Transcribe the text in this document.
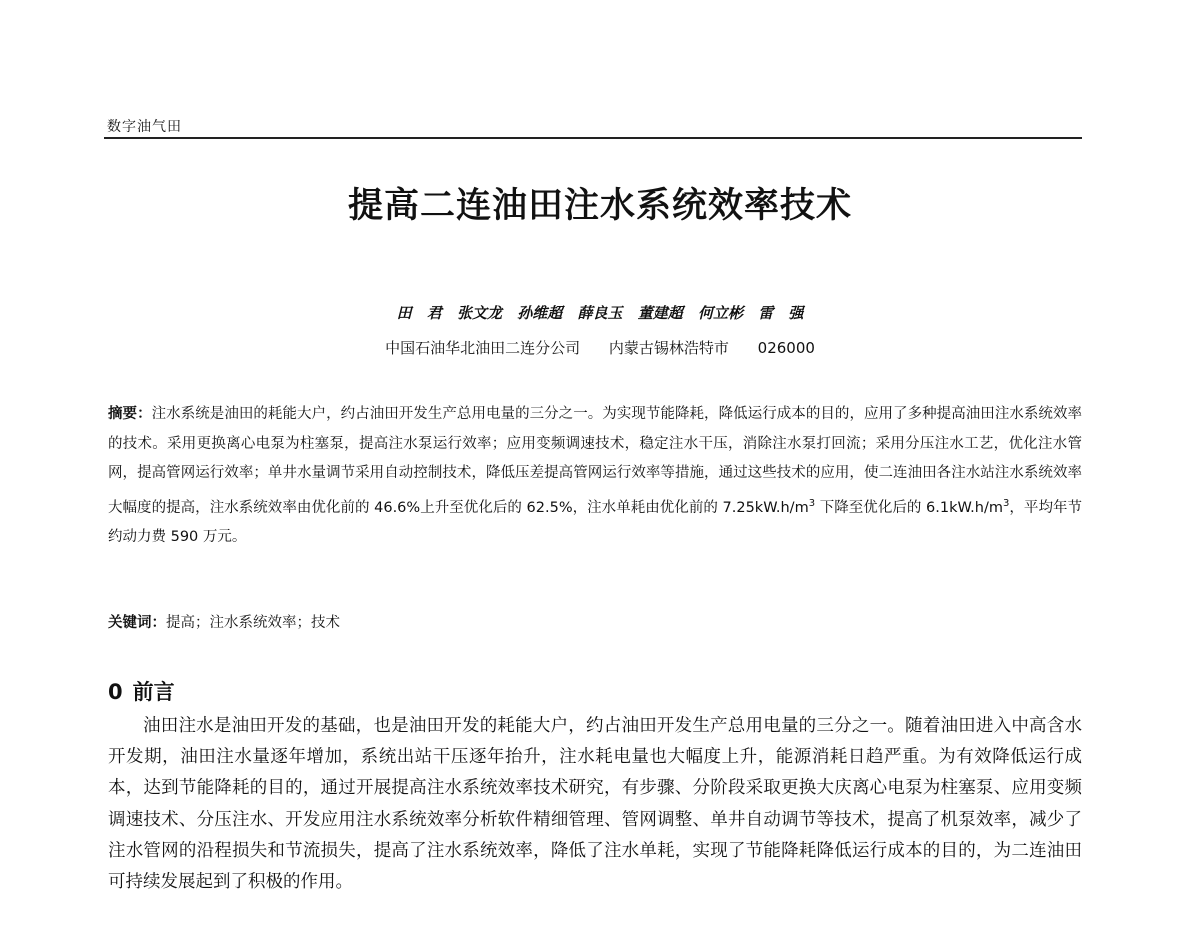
数字油气田
提高二连油田注水系统效率技术
田 君 张文龙 孙维超 薛良玉 董建超 何立彬 雷 强
中国石油华北油田二连分公司 内蒙古锡林浩特市 026000

摘要：注水系统是油田的耗能大户，约占油田开发生产总用电量的三分之一。为实现节能降耗，降低运行成本的目的，应用了多种提高油田注水系统效率的技术。采用更换离心电泵为柱塞泵，提高注水泵运行效率；应用变频调速技术，稳定注水干压，消除注水泵打回流；采用分压注水工艺，优化注水管网，提高管网运行效率；单井水量调节采用自动控制技术，降低压差提高管网运行效率等措施，通过这些技术的应用，使二连油田各注水站注水系统效率大幅度的提高，注水系统效率由优化前的 46.6%上升至优化后的 62.5%，注水单耗由优化前的 $7.25kW.h/m^3$ 下降至优化后的 $6.1kW.h/m^3$，平均年节约动力费 590 万元。

关键词：提高；注水系统效率；技术

0 前言

油田注水是油田开发的基础，也是油田开发的耗能大户，约占油田开发生产总用电量的三分之一。随着油田进入中高含水开发期，油田注水量逐年增加，系统出站干压逐年抬升，注水耗电量也大幅度上升，能源消耗日趋严重。为有效降低运行成本，达到节能降耗的目的，通过开展提高注水系统效率技术研究，有步骤、分阶段采取更换大庆离心电泵为柱塞泵、应用变频调速技术、分压注水、开发应用注水系统效率分析软件精细管理、管网调整、单井自动调节等技术，提高了机泵效率，减少了注水管网的沿程损失和节流损失，提高了注水系统效率，降低了注水单耗，实现了节能降耗降低运行成本的目的，为二连油田可持续发展起到了积极的作用。
